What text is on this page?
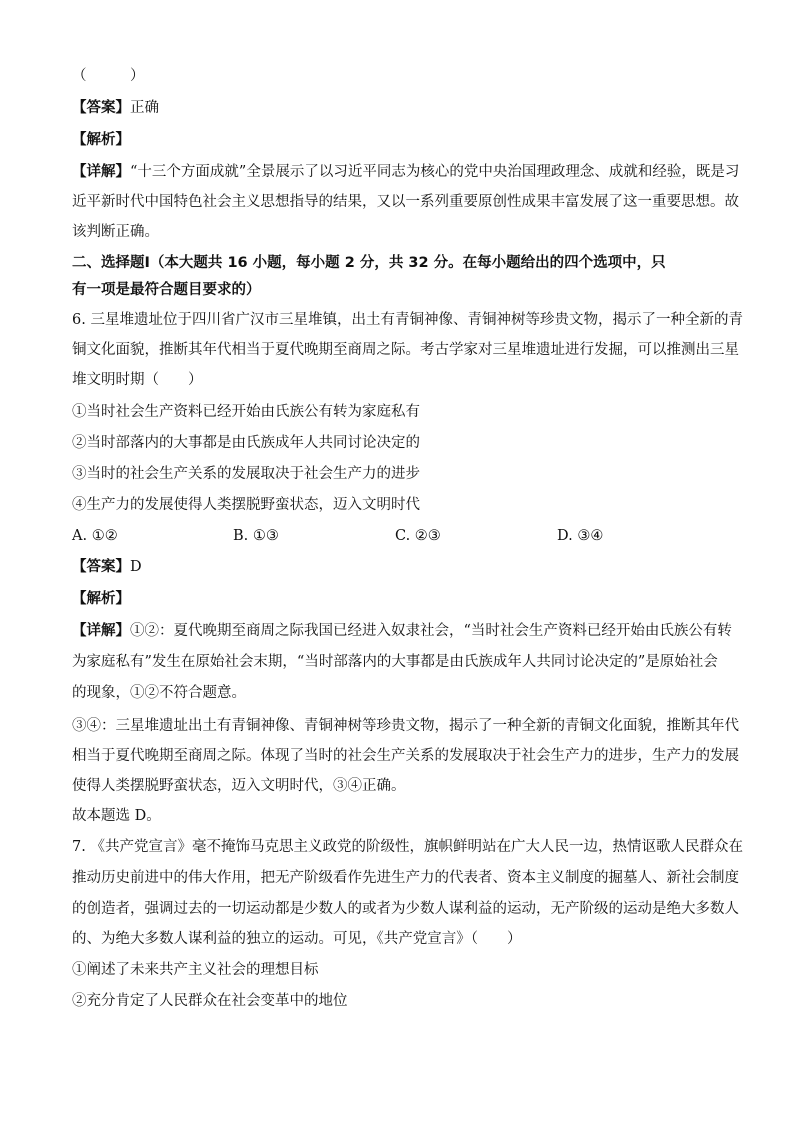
（　　　）
【答案】正确
【解析】
【详解】“十三个方面成就”全景展示了以习近平同志为核心的党中央治国理政理念、成就和经验，既是习
近平新时代中国特色社会主义思想指导的结果，又以一系列重要原创性成果丰富发展了这一重要思想。故
该判断正确。
二、选择题Ⅰ（本大题共 16 小题，每小题 2 分，共 32 分。在每小题给出的四个选项中，只
有一项是最符合题目要求的）
6. 三星堆遗址位于四川省广汉市三星堆镇，出土有青铜神像、青铜神树等珍贵文物，揭示了一种全新的青
铜文化面貌，推断其年代相当于夏代晚期至商周之际。考古学家对三星堆遗址进行发掘，可以推测出三星
堆文明时期（　　）
①当时社会生产资料已经开始由氏族公有转为家庭私有
②当时部落内的大事都是由氏族成年人共同讨论决定的
③当时的社会生产关系的发展取决于社会生产力的进步
④生产力的发展使得人类摆脱野蛮状态，迈入文明时代
A. ①②	B. ①③	C. ②③	D. ③④
【答案】D
【解析】
【详解】①②：夏代晚期至商周之际我国已经进入奴隶社会，“当时社会生产资料已经开始由氏族公有转
为家庭私有”发生在原始社会末期，“当时部落内的大事都是由氏族成年人共同讨论决定的”是原始社会
的现象，①②不符合题意。
③④：三星堆遗址出土有青铜神像、青铜神树等珍贵文物，揭示了一种全新的青铜文化面貌，推断其年代
相当于夏代晚期至商周之际。体现了当时的社会生产关系的发展取决于社会生产力的进步，生产力的发展
使得人类摆脱野蛮状态，迈入文明时代，③④正确。
故本题选 D。
7. 《共产党宣言》毫不掩饰马克思主义政党的阶级性，旗帜鲜明站在广大人民一边，热情讴歌人民群众在
推动历史前进中的伟大作用，把无产阶级看作先进生产力的代表者、资本主义制度的掘墓人、新社会制度
的创造者，强调过去的一切运动都是少数人的或者为少数人谋利益的运动，无产阶级的运动是绝大多数人
的、为绝大多数人谋利益的独立的运动。可见，《共产党宣言》（　　）
①阐述了未来共产主义社会的理想目标
②充分肯定了人民群众在社会变革中的地位
